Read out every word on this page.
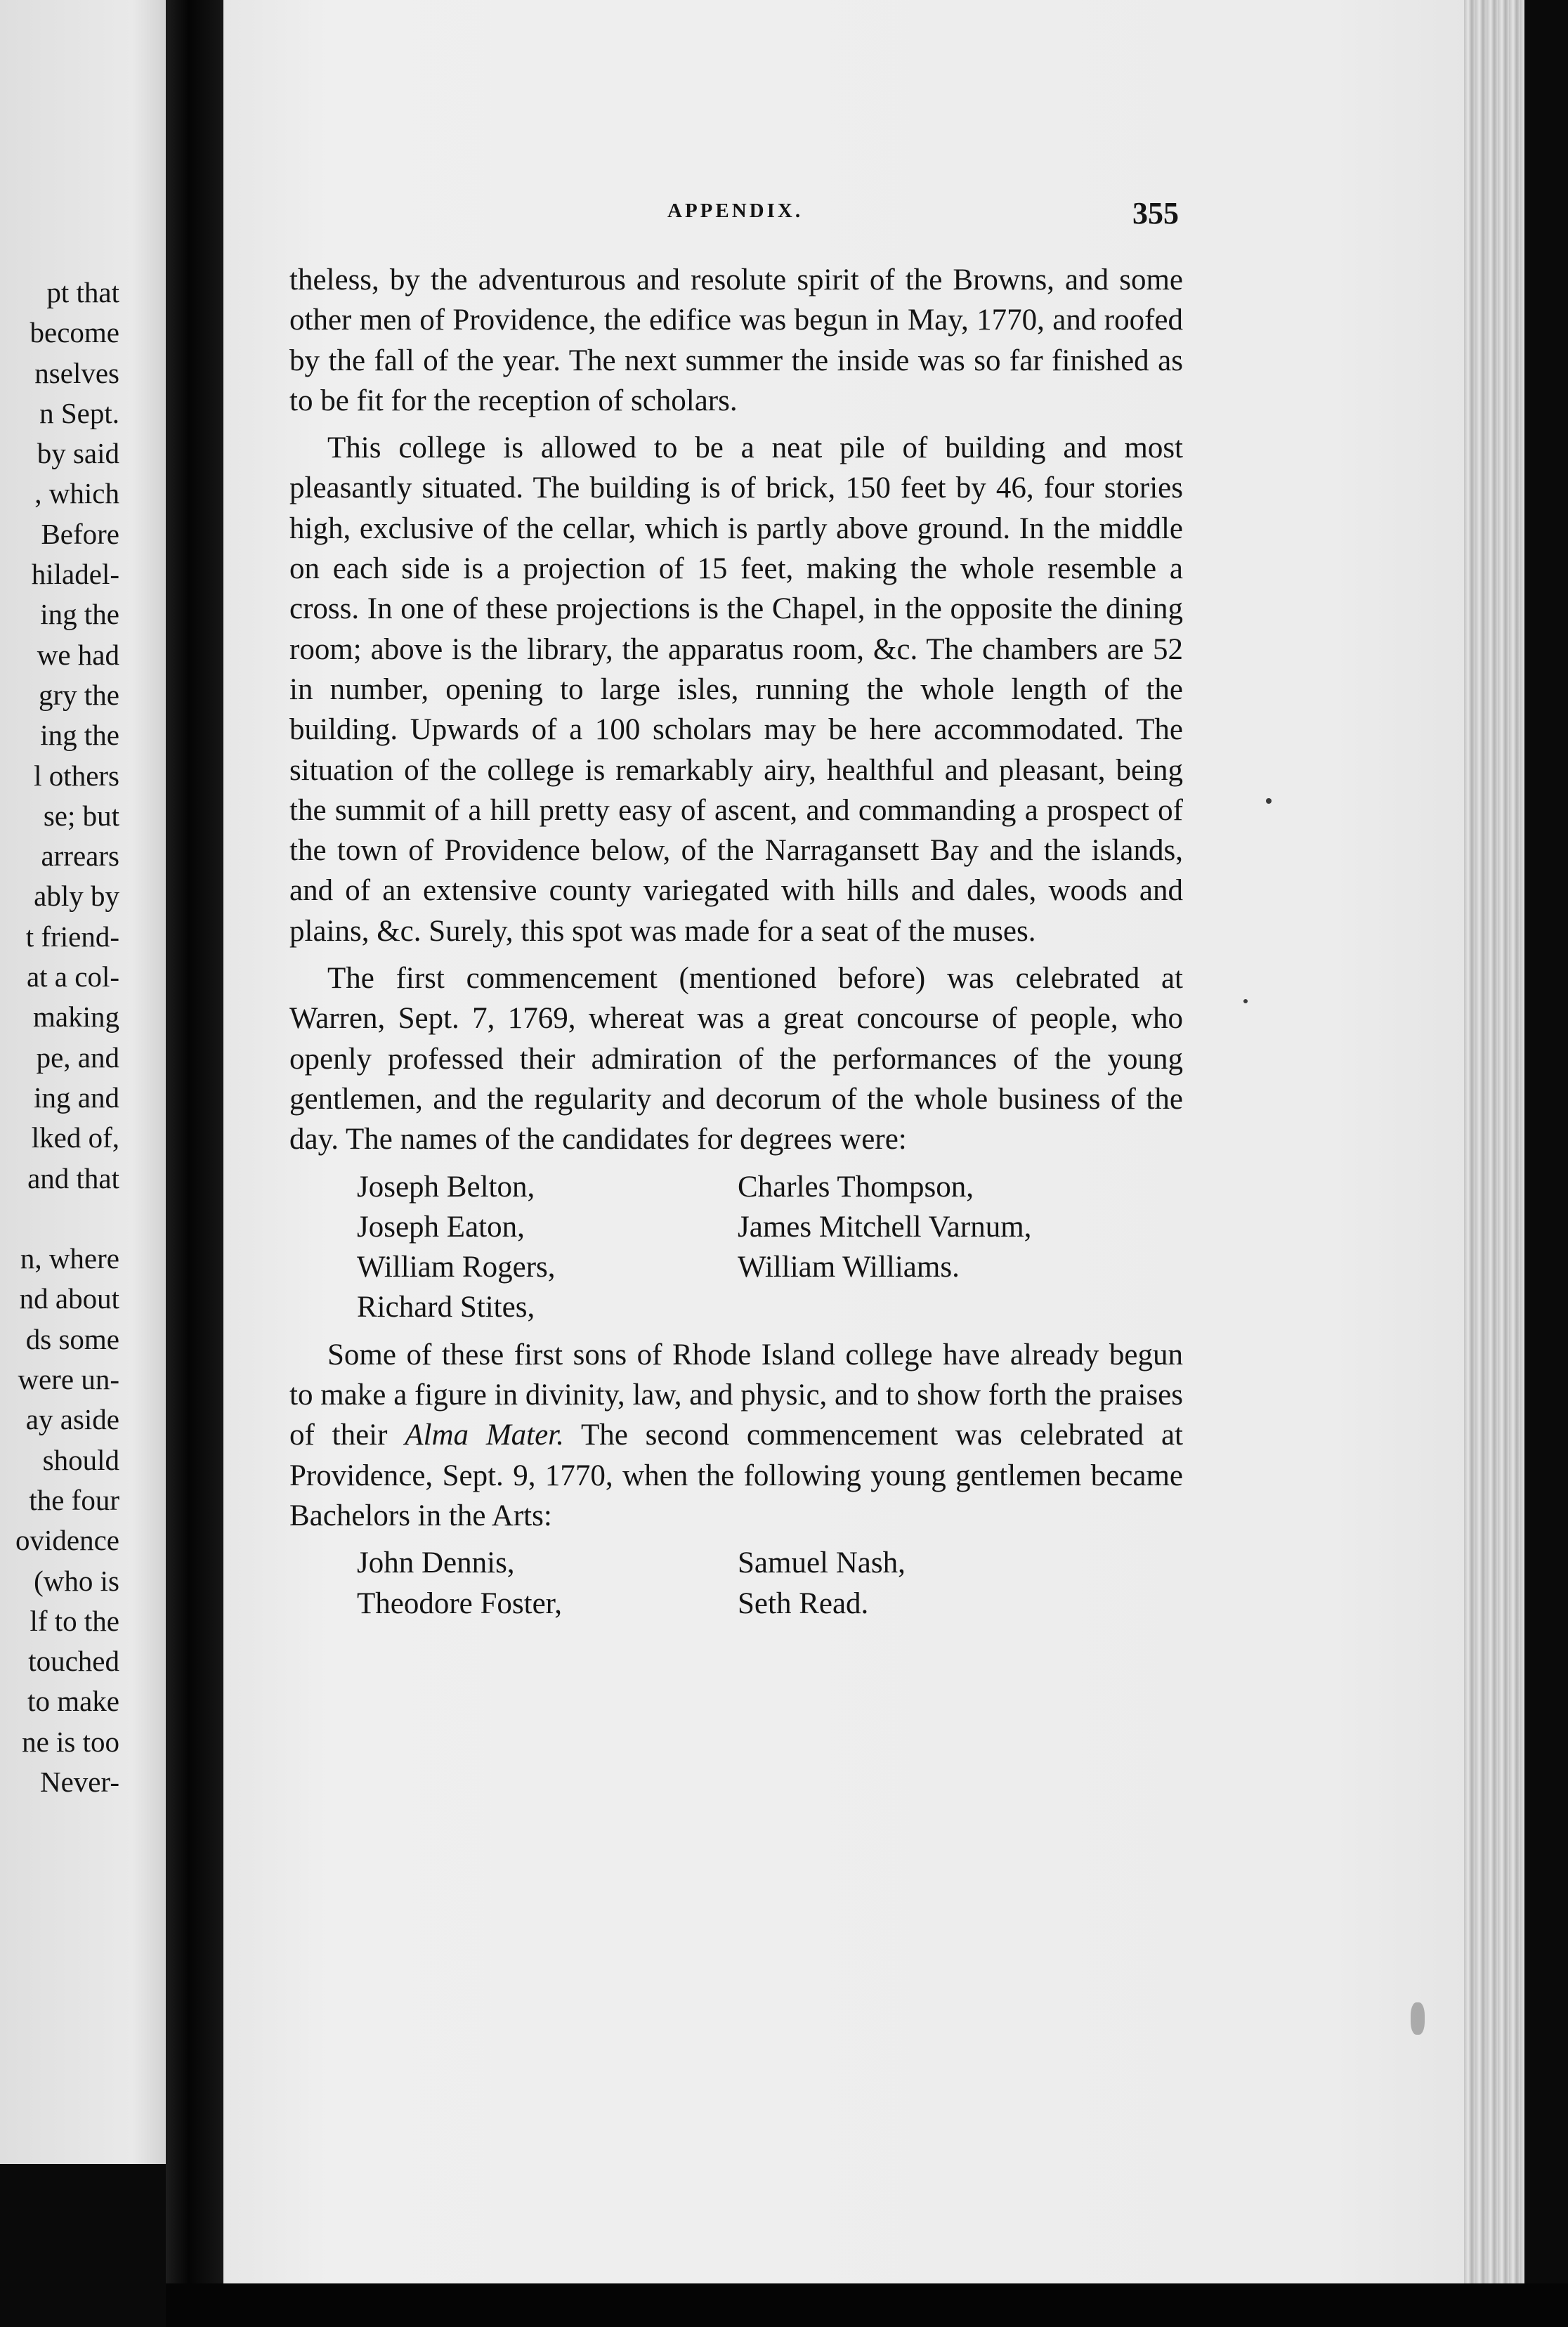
pt that
become
nselves
n Sept.
by said
, which
Before
hiladel-
ing the
we had
gry the
ing the
l others
se; but
arrears
ably by
t friend-
at a col-
making
pe, and
ing and
lked of,
and that
n, where
nd about
ds some
were un-
ay aside
should
the four
ovidence
(who is
lf to the
touched
to make
ne is too
Never-
APPENDIX.	355

theless, by the adventurous and resolute spirit of the Browns, and some other men of Providence, the edifice was begun in May, 1770, and roofed by the fall of the year. The next summer the inside was so far finished as to be fit for the reception of scholars.

This college is allowed to be a neat pile of building and most pleasantly situated. The building is of brick, 150 feet by 46, four stories high, exclusive of the cellar, which is partly above ground. In the middle on each side is a projection of 15 feet, making the whole resemble a cross. In one of these projections is the Chapel, in the opposite the dining room; above is the library, the apparatus room, &c. The chambers are 52 in number, opening to large isles, running the whole length of the building. Upwards of a 100 scholars may be here accommodated. The situation of the college is remarkably airy, healthful and pleasant, being the summit of a hill pretty easy of ascent, and commanding a prospect of the town of Providence below, of the Narragansett Bay and the islands, and of an extensive county variegated with hills and dales, woods and plains, &c. Surely, this spot was made for a seat of the muses.

The first commencement (mentioned before) was celebrated at Warren, Sept. 7, 1769, whereat was a great concourse of people, who openly professed their admiration of the performances of the young gentlemen, and the regularity and decorum of the whole business of the day. The names of the candidates for degrees were:

Joseph Belton,	Charles Thompson,
Joseph Eaton,	James Mitchell Varnum,
William Rogers,	William Williams.
Richard Stites,

Some of these first sons of Rhode Island college have already begun to make a figure in divinity, law, and physic, and to show forth the praises of their Alma Mater. The second commencement was celebrated at Providence, Sept. 9, 1770, when the following young gentlemen became Bachelors in the Arts:

John Dennis,	Samuel Nash,
Theodore Foster,	Seth Read.
